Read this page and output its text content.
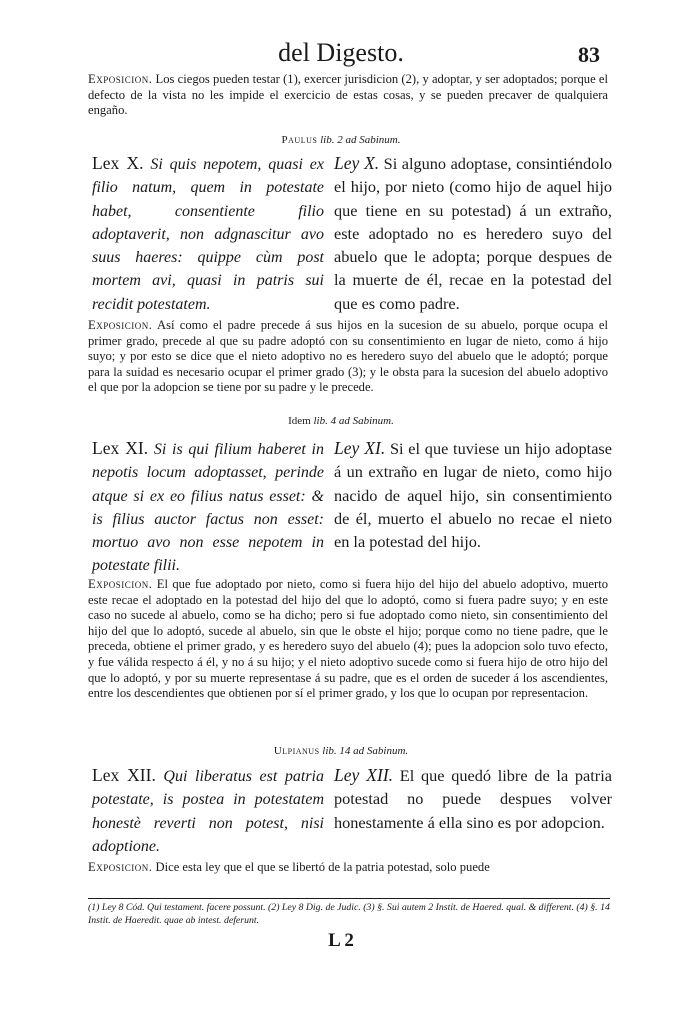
del Digesto.	83
Exposicion. Los ciegos pueden testar (1), exercer jurisdicion (2), y adoptar, y ser adoptados; porque el defecto de la vista no les impide el exercicio de estas cosas, y se pueden precaver de qualquiera engaño.
Paulus lib. 2 ad Sabinum.
Lex X. Si quis nepotem, quasi ex filio natum, quem in potestate habet, consentiente filio adoptaverit, non adgnascitur avo suus haeres: quippe cùm post mortem avi, quasi in patris sui recidit potestatem.
Ley X. Si alguno adoptase, consintiéndolo el hijo, por nieto (como hijo de aquel hijo que tiene en su potestad) á un extraño, este adoptado no es heredero suyo del abuelo que le adopta; porque despues de la muerte de él, recae en la potestad del que es como padre.
Exposicion. Así como el padre precede á sus hijos en la sucesion de su abuelo, porque ocupa el primer grado, precede al que su padre adoptó con su consentimiento en lugar de nieto, como á hijo suyo; y por esto se dice que el nieto adoptivo no es heredero suyo del abuelo que le adoptó; porque para la suidad es necesario ocupar el primer grado (3); y le obsta para la sucesion del abuelo adoptivo el que por la adopcion se tiene por su padre y le precede.
Idem lib. 4 ad Sabinum.
Lex XI. Si is qui filium haberet in nepotis locum adoptasset, perinde atque si ex eo filius natus esset: & is filius auctor factus non esset: mortuo avo non esse nepotem in potestate filii.
Ley XI. Si el que tuviese un hijo adoptase á un extraño en lugar de nieto, como hijo nacido de aquel hijo, sin consentimiento de él, muerto el abuelo no recae el nieto en la potestad del hijo.
Exposicion. El que fue adoptado por nieto, como si fuera hijo del hijo del abuelo adoptivo, muerto este recae el adoptado en la potestad del hijo del que lo adoptó, como si fuera padre suyo; y en este caso no sucede al abuelo, como se ha dicho; pero si fue adoptado como nieto, sin consentimiento del hijo del que lo adoptó, sucede al abuelo, sin que le obste el hijo; porque como no tiene padre, que le preceda, obtiene el primer grado, y es heredero suyo del abuelo (4); pues la adopcion solo tuvo efecto, y fue válida respecto á él, y no á su hijo; y el nieto adoptivo sucede como si fuera hijo de otro hijo del que lo adoptó, y por su muerte representase á su padre, que es el orden de suceder á los ascendientes, entre los descendientes que obtienen por sí el primer grado, y los que lo ocupan por representacion.
Ulpianus lib. 14 ad Sabinum.
Lex XII. Qui liberatus est patria potestate, is postea in potestatem honestè reverti non potest, nisi adoptione.
Ley XII. El que quedó libre de la patria potestad no puede despues volver honestamente á ella sino es por adopcion.
Exposicion. Dice esta ley que el que se libertó de la patria potestad, solo puede
(1) Ley 8 Cód. Qui testament. facere possunt. (2) Ley 8 Dig. de Judic. (3) §. Sui autem 2 Instit. de Haered. qual. & different. (4) §. 14 Instit. de Haeredit. quae ab intest. deferunt.
L 2
